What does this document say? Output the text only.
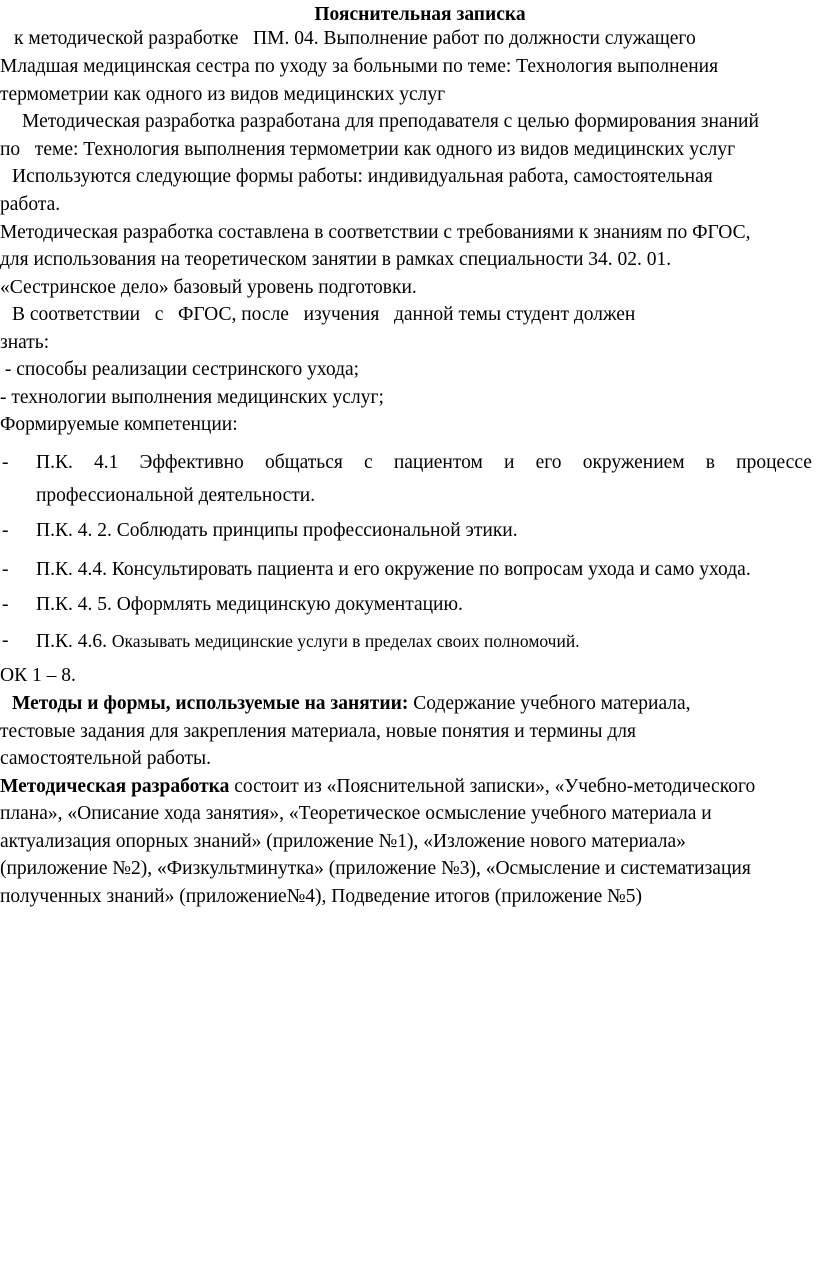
Пояснительная записка
к методической разработке   ПМ. 04. Выполнение работ по должности служащего
Младшая медицинская сестра по уходу за больными по теме: Технология выполнения
термометрии как одного из видов медицинских услуг
Методическая разработка разработана для преподавателя с целью формирования знаний
по   теме: Технология выполнения термометрии как одного из видов медицинских услуг
Используются следующие формы работы: индивидуальная работа, самостоятельная
работа.
Методическая разработка составлена в соответствии с требованиями к знаниям по ФГОС,
для использования на теоретическом занятии в рамках специальности 34. 02. 01.
«Сестринское дело» базовый уровень подготовки.
В соответствии   с   ФГОС, после   изучения   данной темы студент должен
знать:
- способы реализации сестринского ухода;
- технологии выполнения медицинских услуг;
Формируемые компетенции:
- П.К. 4.1 Эффективно общаться с пациентом и его окружением в процессе
профессиональной деятельности.
- П.К. 4. 2. Соблюдать принципы профессиональной этики.
- П.К. 4.4. Консультировать пациента и его окружение по вопросам ухода и само ухода.
- П.К. 4. 5. Оформлять медицинскую документацию.
- П.К. 4.6. Оказывать медицинские услуги в пределах своих полномочий.
ОК 1 – 8.
Методы и формы, используемые на занятии: Содержание учебного материала,
тестовые задания для закрепления материала, новые понятия и термины для
самостоятельной работы.
Методическая разработка состоит из «Пояснительной записки», «Учебно-методического
плана», «Описание хода занятия», «Теоретическое осмысление учебного материала и
актуализация опорных знаний» (приложение №1), «Изложение нового материала»
(приложение №2), «Физкультминутка» (приложение №3), «Осмысление и систематизация
полученных знаний» (приложение№4), Подведение итогов (приложение №5)
